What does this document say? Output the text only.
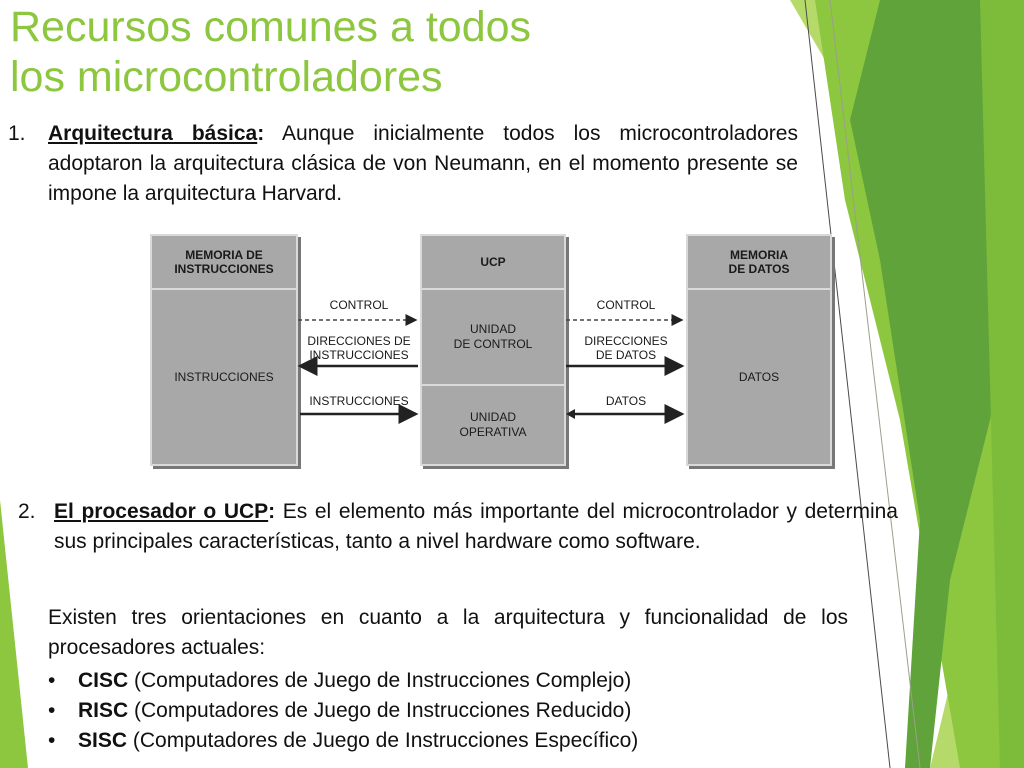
Recursos comunes a todos
los microcontroladores
1. Arquitectura básica: Aunque inicialmente todos los microcontroladores adoptaron la arquitectura clásica de von Neumann, en el momento presente se impone la arquitectura Harvard.
MEMORIA DE
INSTRUCCIONES
INSTRUCCIONES
UCP
UNIDAD
DE CONTROL
UNIDAD
OPERATIVA
MEMORIA
DE DATOS
DATOS
CONTROL
DIRECCIONES DE
INSTRUCCIONES
INSTRUCCIONES
CONTROL
DIRECCIONES
DE DATOS
DATOS
2. El procesador o UCP: Es el elemento más importante del microcontrolador y determina sus principales características, tanto a nivel hardware como software.
Existen tres orientaciones en cuanto a la arquitectura y funcionalidad de los procesadores actuales:
• CISC (Computadores de Juego de Instrucciones Complejo)
• RISC (Computadores de Juego de Instrucciones Reducido)
• SISC (Computadores de Juego de Instrucciones Específico)
